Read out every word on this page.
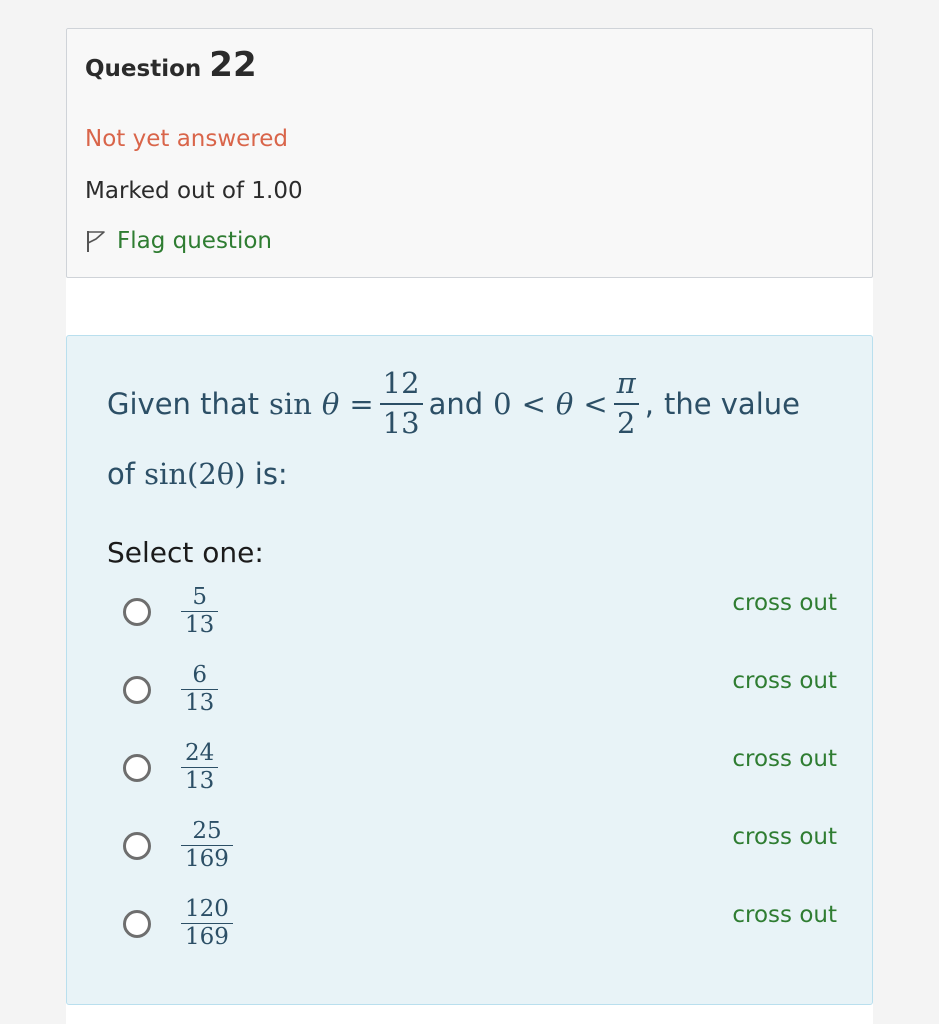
Question 22
Not yet answered
Marked out of 1.00
Flag question
Given that $\sin \theta = \frac{12}{13}$ and $0 < \theta < \frac{\pi}{2}$ , the value
of sin(2θ) is:
Select one:
5
13
cross out
6
13
cross out
24
13
cross out
25
169
cross out
120
169
cross out
